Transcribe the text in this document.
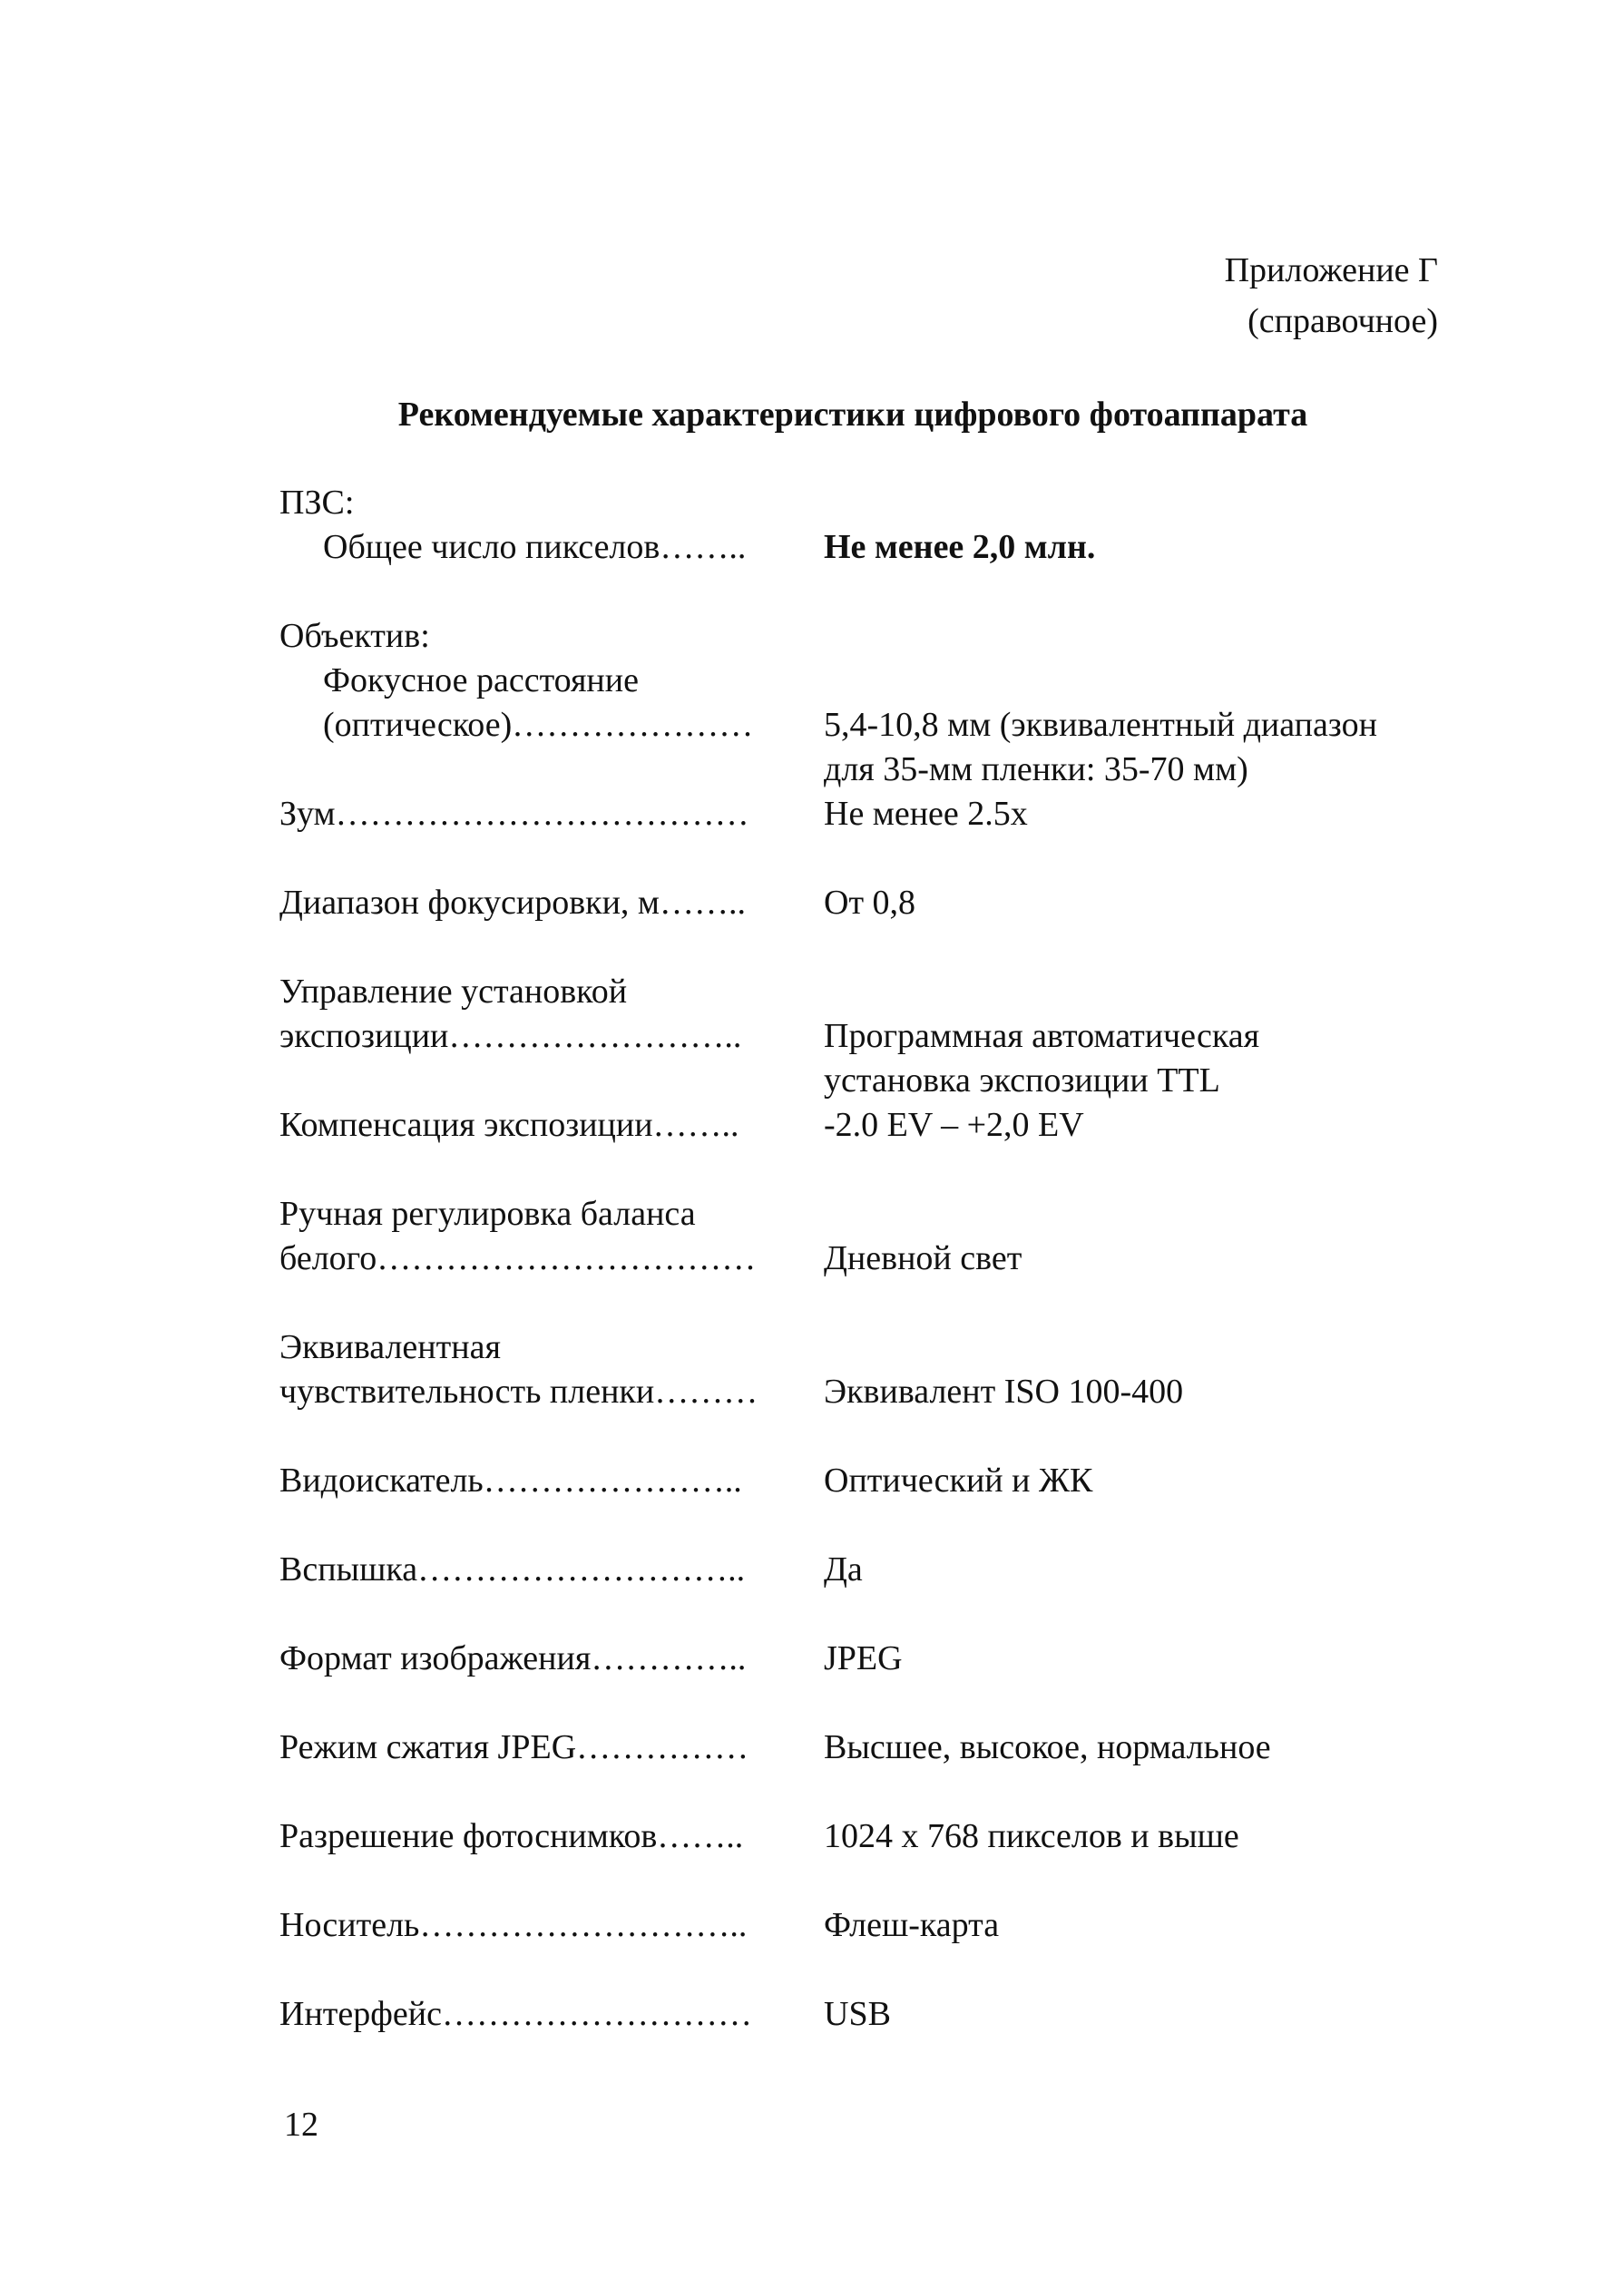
Приложение Г
(справочное)
Рекомендуемые характеристики цифрового фотоаппарата
ПЗС:
Общее число пикселов……..	Не менее 2,0 млн.
Объектив:
Фокусное расстояние
(оптическое)…………………	5,4-10,8 мм (эквивалентный диапазон
для 35-мм пленки: 35-70 мм)
Зум………………………………	Не менее 2.5х
Диапазон фокусировки, м……..	От 0,8
Управление установкой
экспозиции……………………..	Программная автоматическая
установка экспозиции TTL
Компенсация экспозиции……..	-2.0 EV – +2,0 EV
Ручная регулировка баланса
белого……………………………	Дневной свет
Эквивалентная
чувствительность пленки………	Эквивалент ISO 100-400
Видоискатель…………………..	Оптический и ЖК
Вспышка………………………..	Да
Формат изображения…………..	JPEG
Режим сжатия JPEG……………	Высшее, высокое, нормальное
Разрешение фотоснимков……..	1024 х 768 пикселов и выше
Носитель………………………..	Флеш-карта
Интерфейс………………………	USB
12
